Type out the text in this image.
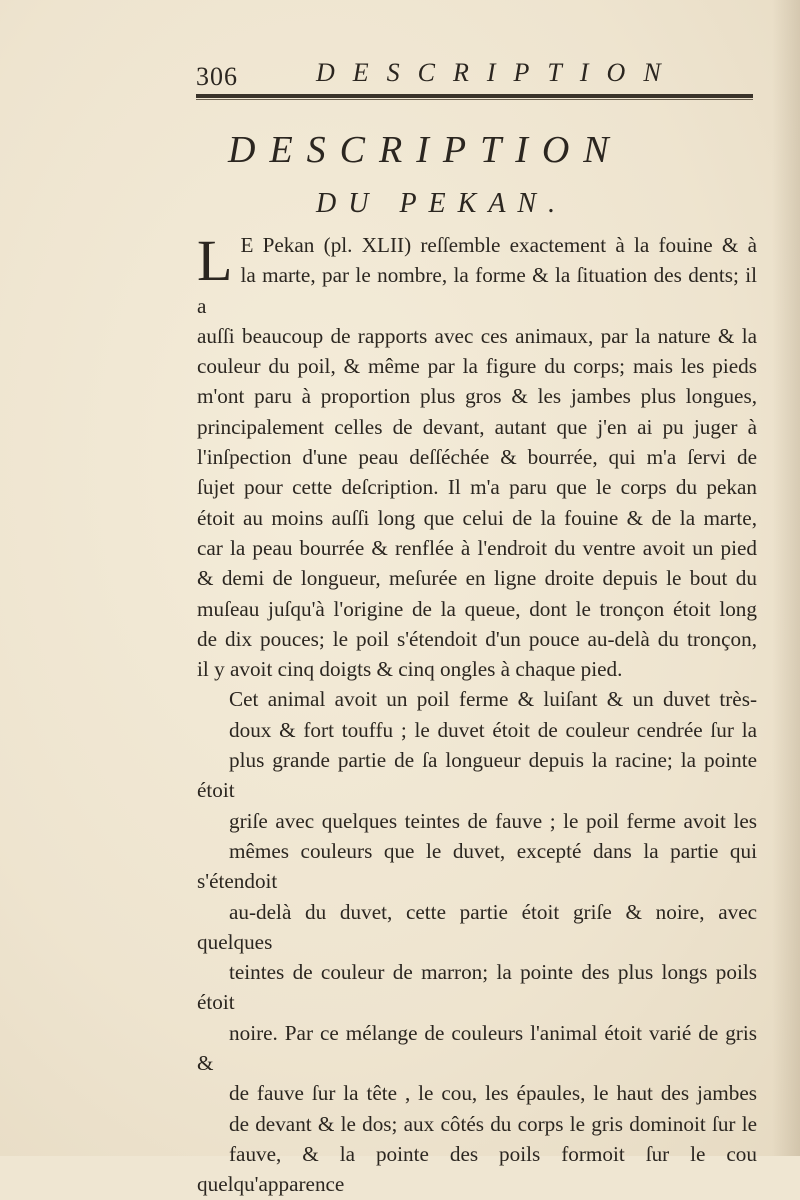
306	DESCRIPTION
DESCRIPTION
DU PEKAN.

L E Pekan (pl. XLII) reſſemble exactement à la fouine & à
la marte, par le nombre, la forme & la ſituation des dents; il a
auſſi beaucoup de rapports avec ces animaux, par la nature & la
couleur du poil, & même par la figure du corps; mais les pieds
m'ont paru à proportion plus gros & les jambes plus longues,
principalement celles de devant, autant que j'en ai pu juger à
l'inſpection d'une peau deſſéchée & bourrée, qui m'a ſervi de
ſujet pour cette deſcription. Il m'a paru que le corps du pekan
étoit au moins auſſi long que celui de la fouine & de la marte,
car la peau bourrée & renflée à l'endroit du ventre avoit un pied
& demi de longueur, meſurée en ligne droite depuis le bout du
muſeau juſqu'à l'origine de la queue, dont le tronçon étoit long
de dix pouces; le poil s'étendoit d'un pouce au-delà du tronçon,
il y avoit cinq doigts & cinq ongles à chaque pied.

Cet animal avoit un poil ferme & luiſant & un duvet très-
doux & fort touffu ; le duvet étoit de couleur cendrée ſur la
plus grande partie de ſa longueur depuis la racine; la pointe étoit
griſe avec quelques teintes de fauve ; le poil ferme avoit les
mêmes couleurs que le duvet, excepté dans la partie qui s'étendoit
au-delà du duvet, cette partie étoit griſe & noire, avec quelques
teintes de couleur de marron; la pointe des plus longs poils étoit
noire. Par ce mélange de couleurs l'animal étoit varié de gris &
de fauve ſur la tête , le cou, les épaules, le haut des jambes
de devant & le dos; aux côtés du corps le gris dominoit ſur le
fauve, & la pointe des poils formoit ſur le cou quelqu'apparence
